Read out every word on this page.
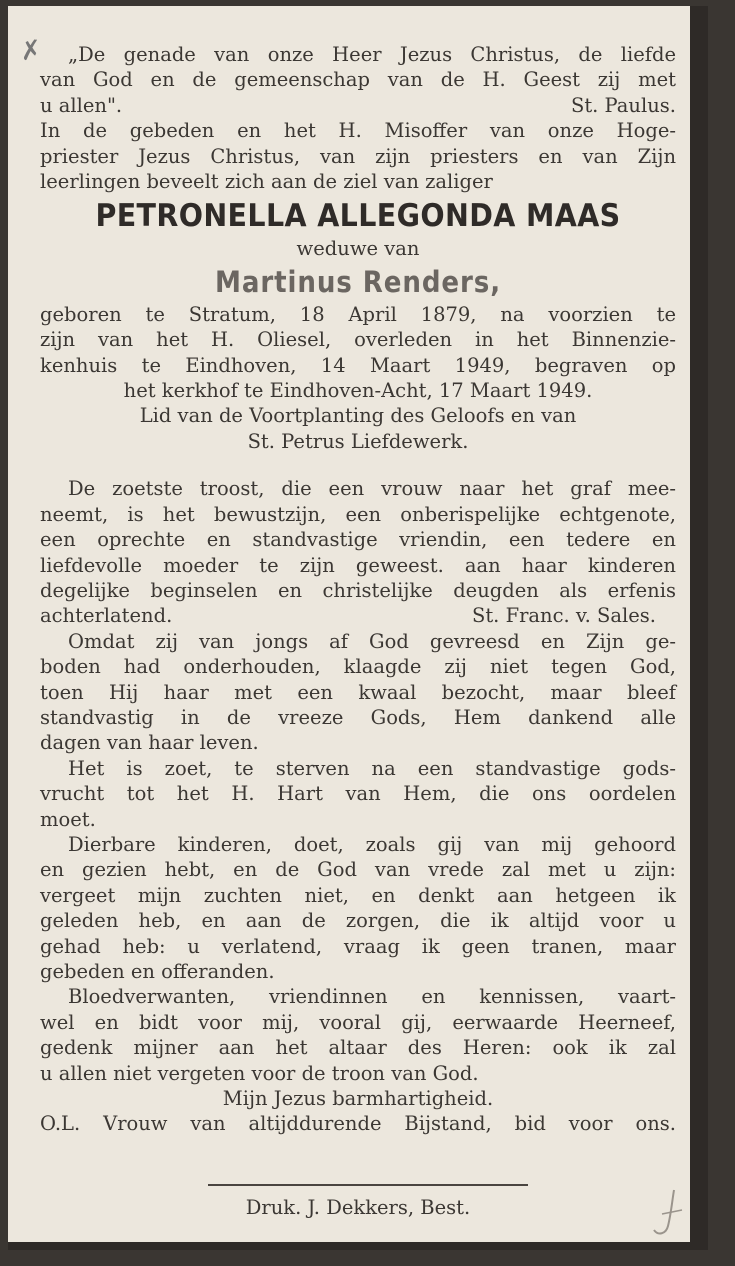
✗	„De genade van onze Heer Jezus Christus, de liefde
van God en de gemeenschap van de H. Geest zij met
u allen".	St. Paulus.
In de gebeden en het H. Misoffer van onze Hoge-
priester Jezus Christus, van zijn priesters en van Zijn
leerlingen beveelt zich aan de ziel van zaliger
PETRONELLA ALLEGONDA MAAS
weduwe van
Martinus Renders,
geboren te Stratum, 18 April 1879, na voorzien te
zijn van het H. Oliesel, overleden in het Binnenzie-
kenhuis te Eindhoven, 14 Maart 1949, begraven op
het kerkhof te Eindhoven-Acht, 17 Maart 1949.
Lid van de Voortplanting des Geloofs en van
St. Petrus Liefdewerk.
De zoetste troost, die een vrouw naar het graf mee-
neemt, is het bewustzijn, een onberispelijke echtgenote,
een oprechte en standvastige vriendin, een tedere en
liefdevolle moeder te zijn geweest. aan haar kinderen
degelijke beginselen en christelijke deugden als erfenis
achterlatend.	St. Franc. v. Sales.
Omdat zij van jongs af God gevreesd en Zijn ge-
boden had onderhouden, klaagde zij niet tegen God,
toen Hij haar met een kwaal bezocht, maar bleef
standvastig in de vreeze Gods, Hem dankend alle
dagen van haar leven.
Het is zoet, te sterven na een standvastige gods-
vrucht tot het H. Hart van Hem, die ons oordelen
moet.
Dierbare kinderen, doet, zoals gij van mij gehoord
en gezien hebt, en de God van vrede zal met u zijn:
vergeet mijn zuchten niet, en denkt aan hetgeen ik
geleden heb, en aan de zorgen, die ik altijd voor u
gehad heb: u verlatend, vraag ik geen tranen, maar
gebeden en offeranden.
Bloedverwanten, vriendinnen en kennissen, vaart-
wel en bidt voor mij, vooral gij, eerwaarde Heerneef,
gedenk mijner aan het altaar des Heren: ook ik zal
u allen niet vergeten voor de troon van God.
Mijn Jezus barmhartigheid.
O.L. Vrouw van altijddurende Bijstand, bid voor ons.
Druk. J. Dekkers, Best.
